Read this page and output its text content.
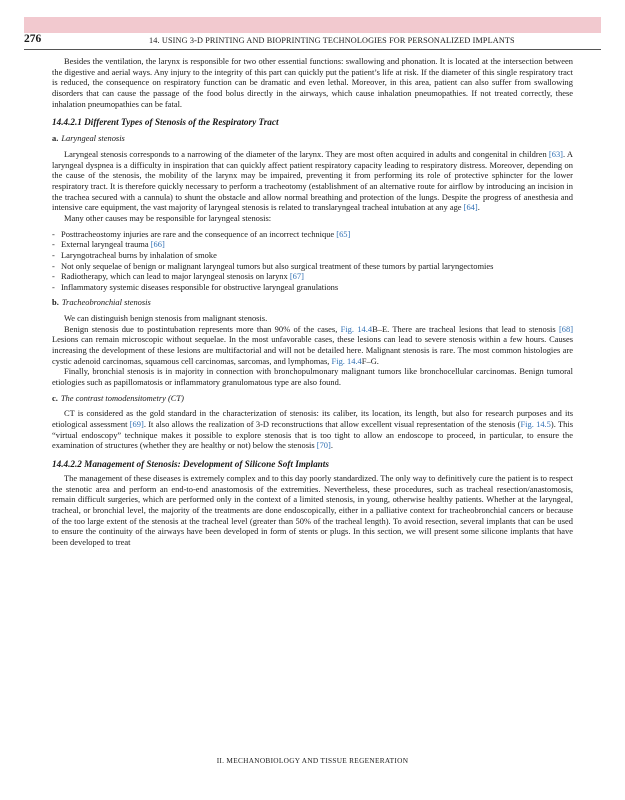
276	14. USING 3-D PRINTING AND BIOPRINTING TECHNOLOGIES FOR PERSONALIZED IMPLANTS

Besides the ventilation, the larynx is responsible for two other essential functions: swallowing and phonation. It is located at the intersection between the digestive and aerial ways. Any injury to the integrity of this part can quickly put the patient’s life at risk. If the diameter of this single respiratory tract is reduced, the consequence on respiratory function can be dramatic and even lethal. Moreover, in this area, patient can also suffer from swallowing disorders that can cause the passage of the food bolus directly in the airways, which cause inhalation pneumopathies. If not treated correctly, these inhalation pneumopathies can be fatal.

14.4.2.1 Different Types of Stenosis of the Respiratory Tract
a. Laryngeal stenosis

Laryngeal stenosis corresponds to a narrowing of the diameter of the larynx. They are most often acquired in adults and congenital in children [63]. A laryngeal dyspnea is a difficulty in inspiration that can quickly affect patient respiratory capacity leading to respiratory distress. Moreover, depending on the cause of the stenosis, the mobility of the larynx may be impaired, preventing it from performing its role of protective sphincter for the lower respiratory tract. It is therefore quickly necessary to perform a tracheotomy (establishment of an alternative route for airflow by introducing an incision in the trachea secured with a cannula) to shunt the obstacle and allow normal breathing and protection of the lungs. Despite the progress of anesthesia and intensive care equipment, the vast majority of laryngeal stenosis is related to translaryngeal tracheal intubation at any age [64].

Many other causes may be responsible for laryngeal stenosis:

- Posttracheostomy injuries are rare and the consequence of an incorrect technique [65]
- External laryngeal trauma [66]
- Laryngotracheal burns by inhalation of smoke
- Not only sequelae of benign or malignant laryngeal tumors but also surgical treatment of these tumors by partial laryngectomies
- Radiotherapy, which can lead to major laryngeal stenosis on larynx [67]
- Inflammatory systemic diseases responsible for obstructive laryngeal granulations
b. Tracheobronchial stenosis

We can distinguish benign stenosis from malignant stenosis.

Benign stenosis due to postintubation represents more than 90% of the cases, Fig. 14.4B–E. There are tracheal lesions that lead to stenosis [68] Lesions can remain microscopic without sequelae. In the most unfavorable cases, these lesions can lead to severe stenosis within a few hours. Causes increasing the development of these lesions are multifactorial and will not be detailed here. Malignant stenosis is rare. The most common histologies are cystic adenoid carcinomas, squamous cell carcinomas, sarcomas, and lymphomas, Fig. 14.4F–G.

Finally, bronchial stenosis is in majority in connection with bronchopulmonary malignant tumors like bronchocellular carcinomas. Benign tumoral etiologies such as papillomatosis or inflammatory granulomatous type are also found.

c. The contrast tomodensitometry (CT)

CT is considered as the gold standard in the characterization of stenosis: its caliber, its location, its length, but also for research purposes and its etiological assessment [69]. It also allows the realization of 3-D reconstructions that allow excellent visual representation of the stenosis (Fig. 14.5). This “virtual endoscopy” technique makes it possible to explore stenosis that is too tight to allow an endoscope to proceed, in particular, to ensure the examination of structures (whether they are healthy or not) below the stenosis [70].

14.4.2.2 Management of Stenosis: Development of Silicone Soft Implants

The management of these diseases is extremely complex and to this day poorly standardized. The only way to definitively cure the patient is to respect the stenotic area and perform an end-to-end anastomosis of the extremities. Nevertheless, these procedures, such as tracheal resection/anastomosis, remain difficult surgeries, which are performed only in the context of a limited stenosis, in young, otherwise healthy patients. Whether at the laryngeal, tracheal, or bronchial level, the majority of the treatments are done endoscopically, either in a palliative context for tracheobronchial cancers or because of the too large extent of the stenosis at the tracheal level (greater than 50% of the tracheal length). To avoid resection, several implants that can be used to ensure the continuity of the airways have been developed in form of stents or plugs. In this section, we will present some silicone implants that have been developed to treat

II. MECHANOBIOLOGY AND TISSUE REGENERATION
